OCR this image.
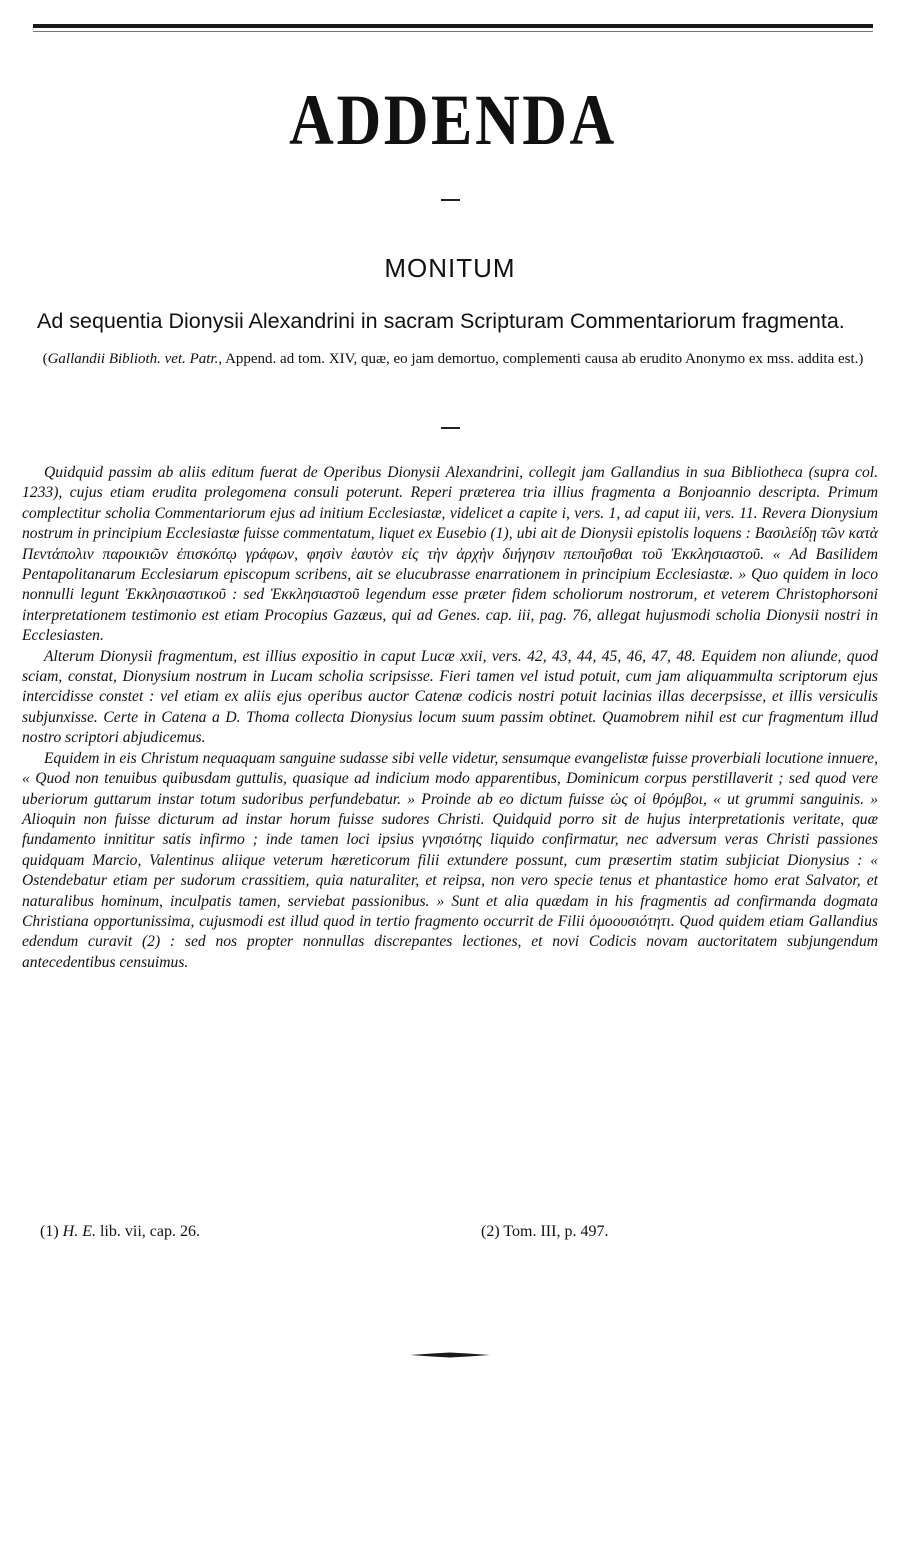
ADDENDA
MONITUM
Ad sequentia Dionysii Alexandrini in sacram Scripturam Commentariorum fragmenta.
(Gallandii Biblioth. vet. Patr., Append. ad tom. XIV, quæ, eo jam demortuo, complementi causa ab erudito Anonymo ex mss. addita est.)

Quidquid passim ab aliis editum fuerat de Operibus Dionysii Alexandrini, collegit jam Gallandius in sua Bibliotheca (supra col. 1233), cujus etiam erudita prolegomena consuli poterunt. Reperi præterea tria illius fragmenta a Bonjoannio descripta. Primum complectitur scholia Commentariorum ejus ad initium Ecclesiastæ, videlicet a capite i, vers. 1, ad caput iii, vers. 11. Revera Dionysium nostrum in principium Ecclesiastæ fuisse commentatum, liquet ex Eusebio (1), ubi ait de Dionysii epistolis loquens : Βασιλείδῃ τῶν κατὰ Πεντάπολιν παροικιῶν ἐπισκόπῳ γράφων, φησὶν ἑαυτὸν εἰς τὴν ἀρχὴν διήγησιν πεποιῆσθαι τοῦ Ἐκκλησιαστοῦ. « Ad Basilidem Pentapolitanarum Ecclesiarum episcopum scribens, ait se elucubrasse enarrationem in principium Ecclesiastæ. » Quo quidem in loco nonnulli legunt Ἐκκλησιαστικοῦ : sed Ἐκκλησιαστοῦ legendum esse præter fidem scholiorum nostrorum, et veterem Christophorsoni interpretationem testimonio est etiam Procopius Gazæus, qui ad Genes. cap. iii, pag. 76, allegat hujusmodi scholia Dionysii nostri in Ecclesiasten.

Alterum Dionysii fragmentum, est illius expositio in caput Lucæ xxii, vers. 42, 43, 44, 45, 46, 47, 48. Equidem non aliunde, quod sciam, constat, Dionysium nostrum in Lucam scholia scripsisse. Fieri tamen vel istud potuit, cum jam aliquammulta scriptorum ejus intercidisse constet : vel etiam ex aliis ejus operibus auctor Catenæ codicis nostri potuit lacinias illas decerpsisse, et illis versiculis subjunxisse. Certe in Catena a D. Thoma collecta Dionysius locum suum passim obtinet. Quamobrem nihil est cur fragmentum illud nostro scriptori abjudicemus.

Equidem in eis Christum nequaquam sanguine sudasse sibi velle videtur, sensumque evangelistæ fuisse proverbiali locutione innuere, « Quod non tenuibus quibusdam guttulis, quasique ad indicium modo apparentibus, Dominicum corpus perstillaverit ; sed quod vere uberiorum guttarum instar totum sudoribus perfundebatur. » Proinde ab eo dictum fuisse ὡς οἱ θρόμβοι, « ut grummi sanguinis. » Alioquin non fuisse dicturum ad instar horum fuisse sudores Christi. Quidquid porro sit de hujus interpretationis veritate, quæ fundamento innititur satis infirmo ; inde tamen loci ipsius γνησιότης liquido confirmatur, nec adversum veras Christi passiones quidquam Marcio, Valentinus aliique veterum hæreticorum filii extundere possunt, cum præsertim statim subjiciat Dionysius : « Ostendebatur etiam per sudorum crassitiem, quia naturaliter, et reipsa, non vero specie tenus et phantastice homo erat Salvator, et naturalibus hominum, inculpatis tamen, serviebat passionibus. » Sunt et alia quædam in his fragmentis ad confirmanda dogmata Christiana opportunissima, cujusmodi est illud quod in tertio fragmento occurrit de Filii ὁμοουσιότητι. Quod quidem etiam Gallandius edendum curavit (2) : sed nos propter nonnullas discrepantes lectiones, et novi Codicis novam auctoritatem subjungendum antecedentibus censuimus.

(1) H. E. lib. vii, cap. 26.	(2) Tom. III, p. 497.
